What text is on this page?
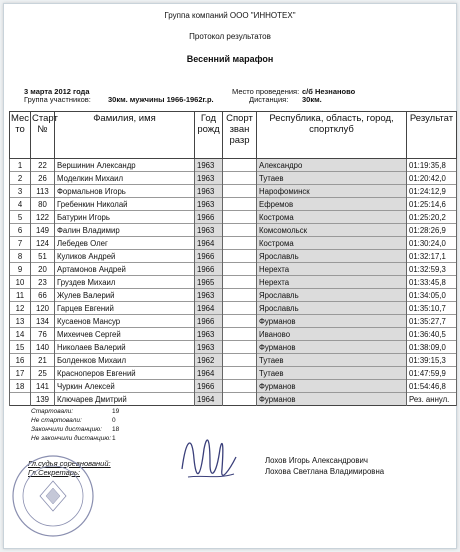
Группа компаний ООО "ИННОТЕХ"
Протокол результатов
Весенний марафон
3 марта 2012 года
Группа участников: 30км. мужчины 1966-1962г.р.
Место проведения: с/б Незнаново
Дистанция: 30км.
Мес то	Старт №	Фамилия, имя	Год рожд	Спорт зван разр	Республика, область, город, спортклуб	Результат
1	22	Вершинин Александр	1963		Александро	01:19:35,8
2	26	Моделкин Михаил	1963		Тутаев	01:20:42,0
3	113	Формальнов Игорь	1963		Нарофоминск	01:24:12,9
4	80	Гребенкин Николай	1963		Ефремов	01:25:14,6
5	122	Батурин Игорь	1966		Кострома	01:25:20,2
6	149	Фалин Владимир	1963		Комсомольск	01:28:26,9
7	124	Лебедев Олег	1964		Кострома	01:30:24,0
8	51	Куликов Андрей	1966		Ярославль	01:32:17,1
9	20	Артамонов Андрей	1966		Нерехта	01:32:59,3
10	23	Груздев Михаил	1965		Нерехта	01:33:45,8
11	66	Жулев Валерий	1963		Ярославль	01:34:05,0
12	120	Гарцев Евгений	1964		Ярославль	01:35:10,7
13	134	Кусаенов Мансур	1966		Фурманов	01:35:27,7
14	76	Михеичев Сергей	1963		Иваново	01:36:40,5
15	140	Николаев Валерий	1963		Фурманов	01:38:09,0
16	21	Болденков Михаил	1962		Тутаев	01:39:15,3
17	25	Красноперов Евгений	1964		Тутаев	01:47:59,9
18	141	Чуркин Алексей	1966		Фурманов	01:54:46,8
	139	Ключарев Дмитрий	1964		Фурманов	Рез. аннул.
Стартовали:	19
Не стартовали:	0
Закончили дистанцию: 18
Не закончили дистанцию: 1
Гл.судья соревнований:
Гл.Секретарь:
Лохов Игорь Александрович
Лохова Светлана Владимировна
